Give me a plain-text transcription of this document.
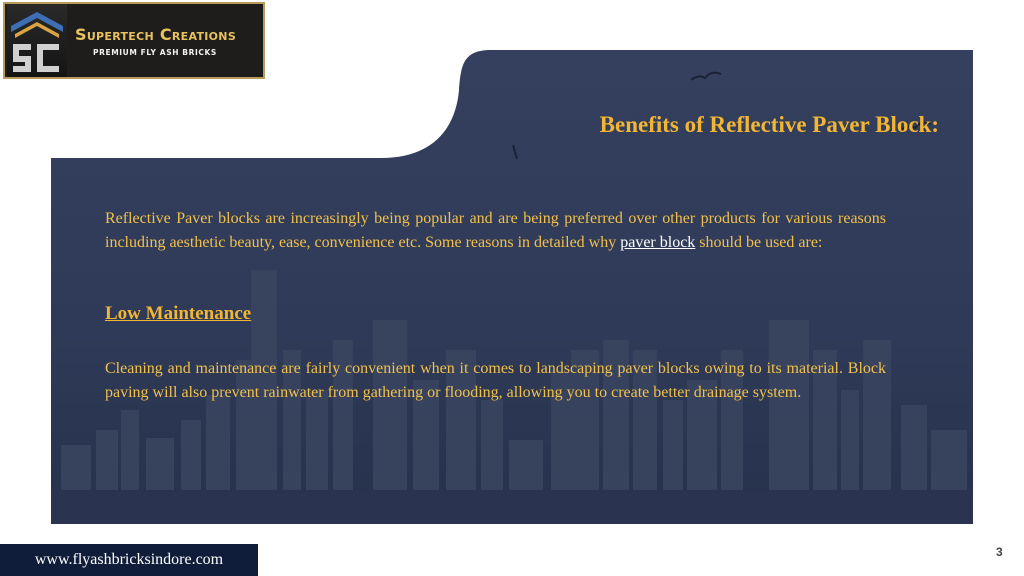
Supertech Creations
PREMIUM FLY ASH BRICKS
Benefits of Reflective Paver Block:

Reflective Paver blocks are increasingly being popular and are being preferred over other products for various reasons including aesthetic beauty, ease, convenience etc. Some reasons in detailed why paver block should be used are:

Low Maintenance

Cleaning and maintenance are fairly convenient when it comes to landscaping paver blocks owing to its material. Block paving will also prevent rainwater from gathering or flooding, allowing you to create better drainage system.

www.flyashbricksindore.com	3
